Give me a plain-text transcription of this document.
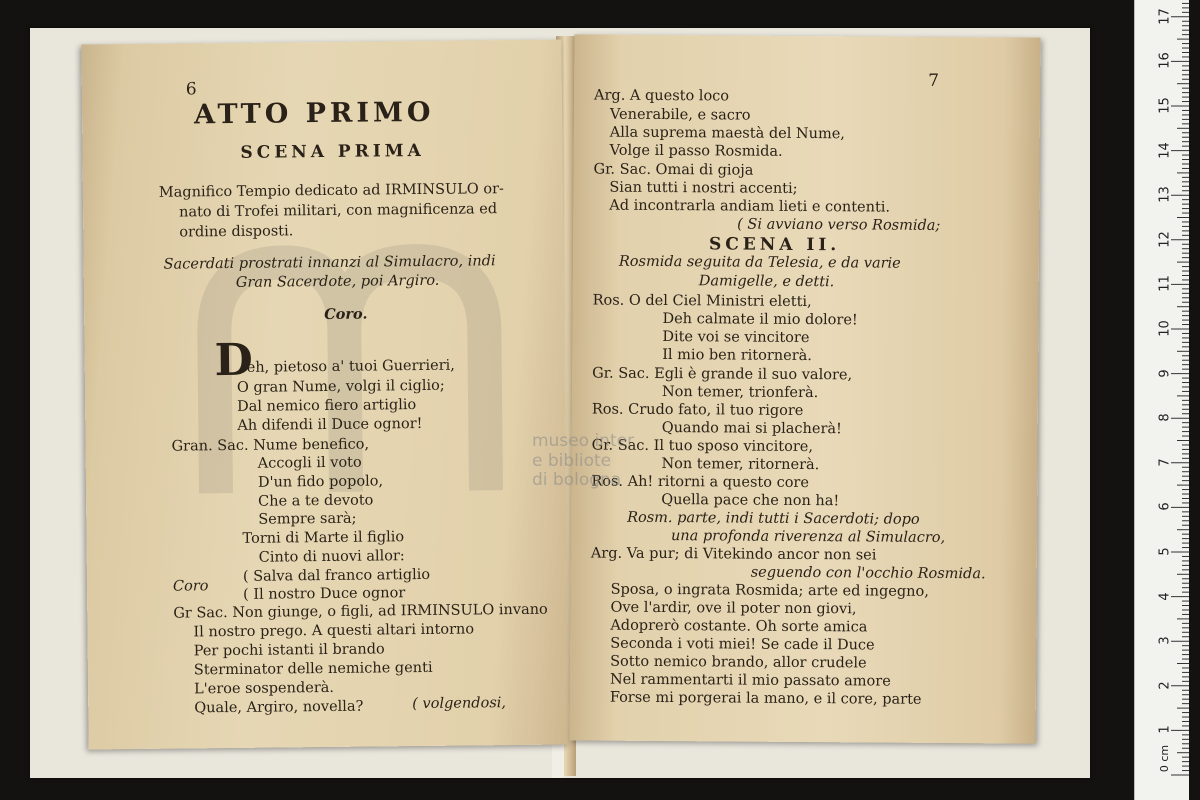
6
ATTO PRIMO
SCENA PRIMA
Magnifico Tempio dedicato ad IRMINSULO or-
nato di Trofei militari, con magnificenza ed
ordine disposti.
Sacerdati prostrati innanzi al Simulacro, indi
Gran Sacerdote, poi Argiro.
Coro.
D
eh, pietoso a' tuoi Guerrieri,
O gran Nume, volgi il ciglio;
Dal nemico fiero artiglio
Ah difendi il Duce ognor!
Gran. Sac. Nume benefico,
Accogli il voto
D'un fido popolo,
Che a te devoto
Sempre sarà;
Torni di Marte il figlio
Cinto di nuovi allor:
( Salva dal franco artiglio
Coro ( Il nostro Duce ognor
Gr Sac. Non giunge, o figli, ad IRMINSULO invano
Il nostro prego. A questi altari intorno
Per pochi istanti il brando
Sterminator delle nemiche genti
L'eroe sospenderà.
Quale, Argiro, novella?	( volgendosi,
7
Arg. A questo loco
Venerabile, e sacro
Alla suprema maestà del Nume,
Volge il passo Rosmida.
Gr. Sac. Omai di gioja
Sian tutti i nostri accenti;
Ad incontrarla andiam lieti e contenti.
( Si avviano verso Rosmida;
SCENA II.
Rosmida seguita da Telesia, e da varie
Damigelle, e detti.
Ros. O del Ciel Ministri eletti,
Deh calmate il mio dolore!
Dite voi se vincitore
Il mio ben ritornerà.
Gr. Sac. Egli è grande il suo valore,
Non temer, trionferà.
Ros. Crudo fato, il tuo rigore
Quando mai si placherà!
Gr. Sac. Il tuo sposo vincitore,
Non temer, ritornerà.
Ros. Ah! ritorni a questo core
Quella pace che non ha!
Rosm. parte, indi tutti i Sacerdoti; dopo
una profonda riverenza al Simulacro,
Arg. Va pur; di Vitekindo ancor non sei
seguendo con l'occhio Rosmida.
Sposa, o ingrata Rosmida; arte ed ingegno,
Ove l'ardir, ove il poter non giovi,
Adoprerò costante. Oh sorte amica
Seconda i voti miei! Se cade il Duce
Sotto nemico brando, allor crudele
Nel rammentarti il mio passato amore
Forse mi porgerai la mano, e il core, parte
museo inter
e bibliote
di bologna
0 cm
1
2
3
4
5
6
7
8
9
10
11
12
13
14
15
16
17
